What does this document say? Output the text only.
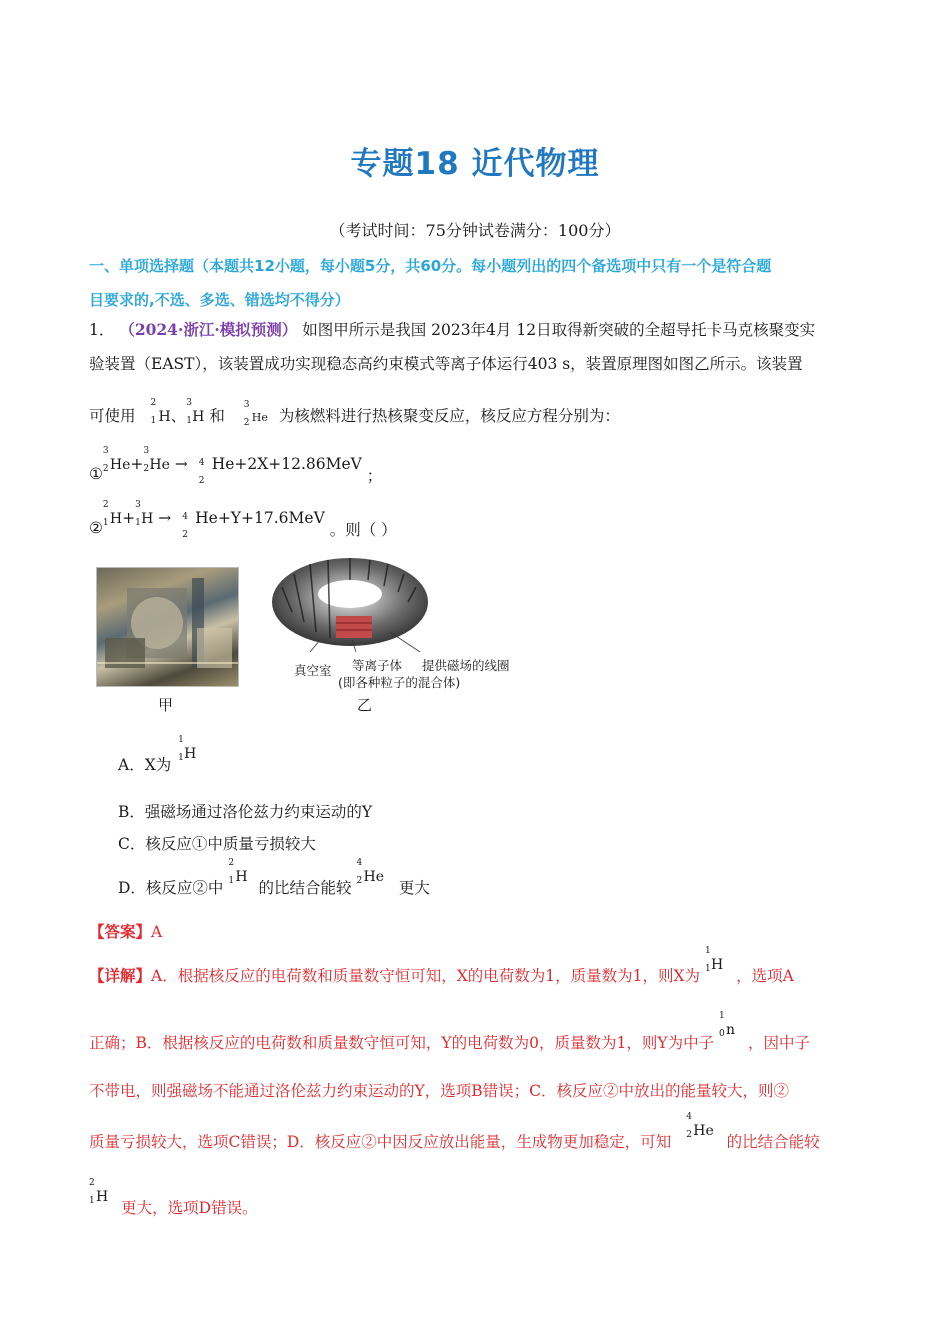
专题18 近代物理
（考试时间：75分钟试卷满分：100分）
一、单项选择题（本题共12小题，每小题5分，共60分。每小题列出的四个备选项中只有一个是符合题
目要求的,不选、多选、错选均不得分）
1． （2024·浙江·模拟预测） 如图甲所示是我国 2023年4月 12日取得新突破的全超导托卡马克核聚变实
验装置（EAST），该装置成功实现稳态高约束模式等离子体运行403 s，装置原理图如图乙所示。该装置
可使用
2
1 H、
3
1 H 和
3
2 He 为核燃料进行热核聚变反应，核反应方程分别为：
①
3
2 He+
3
2 He → 4
2
He+2X+12.86MeV ；
②
2
1 H+
3
1 H → 4
2
He+Y+17.6MeV 。则（ ）
甲
真空室 等离子体
(即各种粒子的混合体)
提供磁场的线圈
乙
A．X为
1
1 H
B．强磁场通过洛伦兹力约束运动的Y
C．核反应①中质量亏损较大
D．核反应②中
2
1 H 的比结合能较
4
2 He 更大
【答案】A
【详解】A．根据核反应的电荷数和质量数守恒可知，X的电荷数为1，质量数为1，则X为
1
1 H ，选项A
正确；B．根据核反应的电荷数和质量数守恒可知，Y的电荷数为0，质量数为1，则Y为中子
1
0 n ，因中子
不带电，则强磁场不能通过洛伦兹力约束运动的Y，选项B错误；C．核反应②中放出的能量较大，则②
质量亏损较大，选项C错误；D．核反应②中因反应放出能量，生成物更加稳定，可知
4
2 He 的比结合能较
2
1 H 更大，选项D错误。
